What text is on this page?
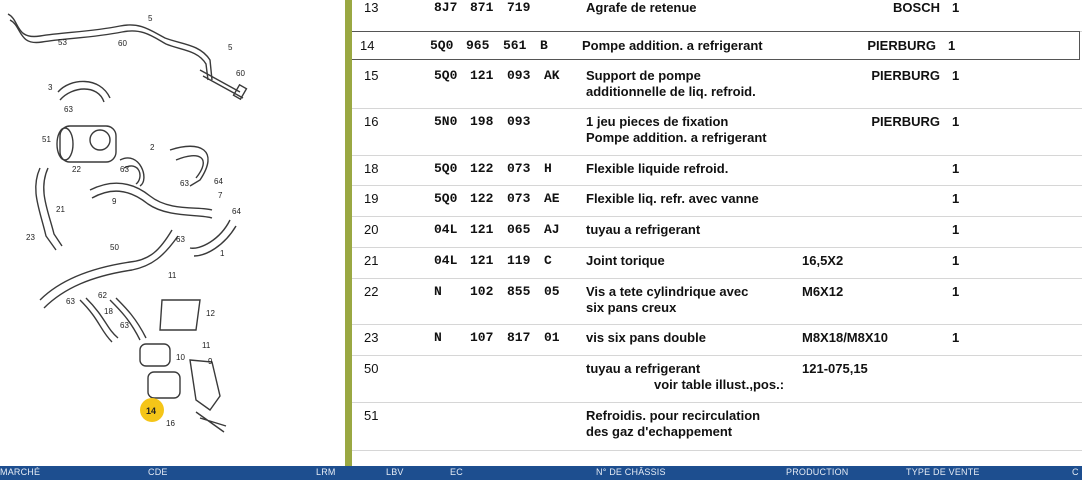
5
53	60	5
60
3
63
51
2
63
63
22
64
7
9
21	64
23
50
63
1
11
62
63
18
63
12
11
10	9
16
14
13	8J7 871 719	BOSCH 1
Agrafe de retenue
14	5Q0 965 561 B	PIERBURG 1
Pompe addition. a refrigerant
15	5Q0 121 093 AK	PIERBURG 1
Support de pompe
additionnelle de liq. refroid.
16	5N0 198 093	PIERBURG 1
1 jeu pieces de fixation
Pompe addition. a refrigerant
18	5Q0 122 073 H	1
Flexible liquide refroid.
19	5Q0 122 073 AE	1
Flexible liq. refr. avec vanne
20	04L 121 065 AJ	1
tuyau a refrigerant
21	04L 121 119 C	16,5X2	1
Joint torique
22	N 102 855 05	M6X12	1
Vis a tete cylindrique avec
six pans creux
23	N 107 817 01	M8X18/M8X10	1
vis six pans double
50	121-075,15
tuyau a refrigerant
voir table illust.,pos.:
51	Refroidis. pour recirculation
des gaz d'echappement
MARCHÉ	CDE	LRM	LBV	EC	N° DE CHÂSSIS	PRODUCTION	TYPE DE VENTE	C
